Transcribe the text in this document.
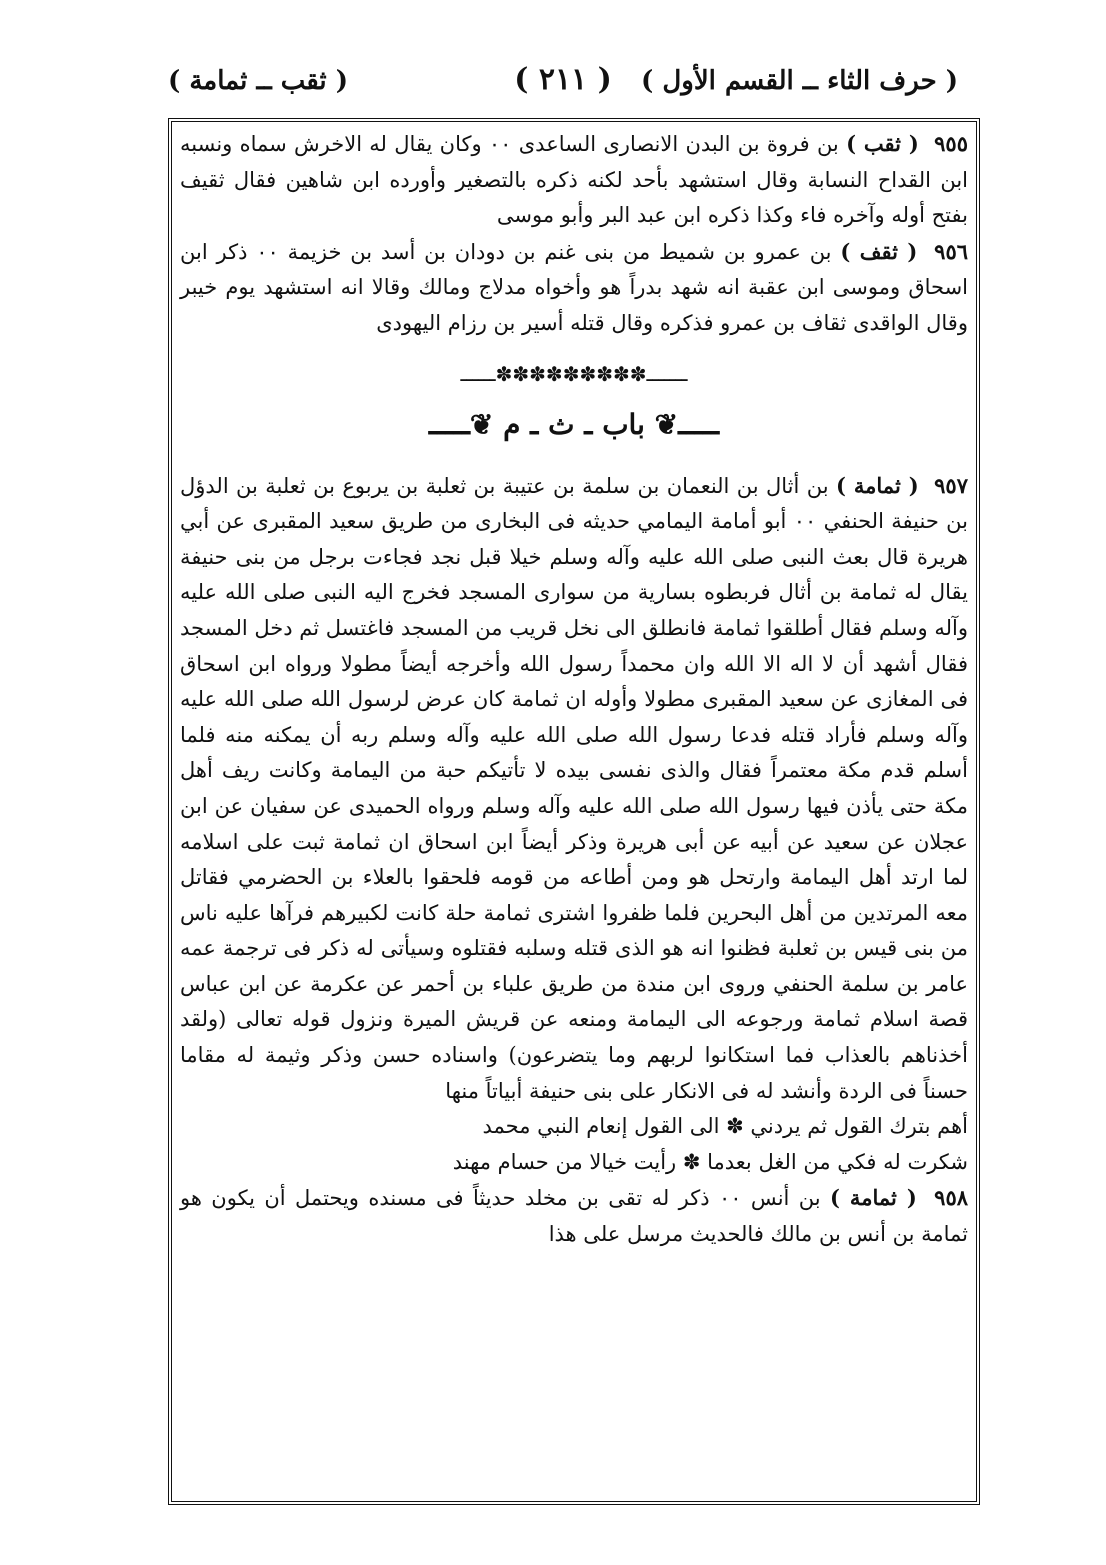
( حرف الثاء ــ القسم الأول )
( ٢١١ )
( ثقب ــ ثمامة )

٩٥٥ ( ثقب ) بن فروة بن البدن الانصارى الساعدى ٠٠ وكان يقال له الاخرش سماه ونسبه ابن القداح النسابة وقال استشهد بأحد لكنه ذكره بالتصغير وأورده ابن شاهين فقال ثقيف بفتح أوله وآخره فاء وكذا ذكره ابن عبد البر وأبو موسى

٩٥٦ ( ثقف ) بن عمرو بن شميط من بنى غنم بن دودان بن أسد بن خزيمة ٠٠ ذكر ابن اسحاق وموسى ابن عقبة انه شهد بدراً هو وأخواه مدلاج ومالك وقالا انه استشهد يوم خيبر وقال الواقدى ثقاف بن عمرو فذكره وقال قتله أسير بن رزام اليهودى

ـــــــ✽✽✽✽✽✽✽✽✽ــــــ
ـــــ❦ باب ـ ث ـ م ❦ـــــ

٩٥٧ ( ثمامة ) بن أثال بن النعمان بن سلمة بن عتيبة بن ثعلبة بن يربوع بن ثعلبة بن الدؤل بن حنيفة الحنفي ٠٠ أبو أمامة اليمامي حديثه فى البخارى من طريق سعيد المقبرى عن أبي هريرة قال بعث النبى صلى الله عليه وآله وسلم خيلا قبل نجد فجاءت برجل من بنى حنيفة يقال له ثمامة بن أثال فربطوه بسارية من سوارى المسجد فخرج اليه النبى صلى الله عليه وآله وسلم فقال أطلقوا ثمامة فانطلق الى نخل قريب من المسجد فاغتسل ثم دخل المسجد فقال أشهد أن لا اله الا الله وان محمداً رسول الله وأخرجه أيضاً مطولا ورواه ابن اسحاق فى المغازى عن سعيد المقبرى مطولا وأوله ان ثمامة كان عرض لرسول الله صلى الله عليه وآله وسلم فأراد قتله فدعا رسول الله صلى الله عليه وآله وسلم ربه أن يمكنه منه فلما أسلم قدم مكة معتمراً فقال والذى نفسى بيده لا تأتيكم حبة من اليمامة وكانت ريف أهل مكة حتى يأذن فيها رسول الله صلى الله عليه وآله وسلم ورواه الحميدى عن سفيان عن ابن عجلان عن سعيد عن أبيه عن أبى هريرة وذكر أيضاً ابن اسحاق ان ثمامة ثبت على اسلامه لما ارتد أهل اليمامة وارتحل هو ومن أطاعه من قومه فلحقوا بالعلاء بن الحضرمي فقاتل معه المرتدين من أهل البحرين فلما ظفروا اشترى ثمامة حلة كانت لكبيرهم فرآها عليه ناس من بنى قيس بن ثعلبة فظنوا انه هو الذى قتله وسلبه فقتلوه وسيأتى له ذكر فى ترجمة عمه عامر بن سلمة الحنفي وروى ابن مندة من طريق علباء بن أحمر عن عكرمة عن ابن عباس قصة اسلام ثمامة ورجوعه الى اليمامة ومنعه عن قريش الميرة ونزول قوله تعالى (ولقد أخذناهم بالعذاب فما استكانوا لربهم وما يتضرعون) واسناده حسن وذكر وثيمة له مقاما حسناً فى الردة وأنشد له فى الانكار على بنى حنيفة أبياتاً منها

أهم بترك القول ثم يردني ✽ الى القول إنعام النبي محمد

شكرت له فكي من الغل بعدما ✽ رأيت خيالا من حسام مهند

٩٥٨ ( ثمامة ) بن أنس ٠٠ ذكر له تقى بن مخلد حديثاً فى مسنده ويحتمل أن يكون هو ثمامة بن أنس بن مالك فالحديث مرسل على هذا
